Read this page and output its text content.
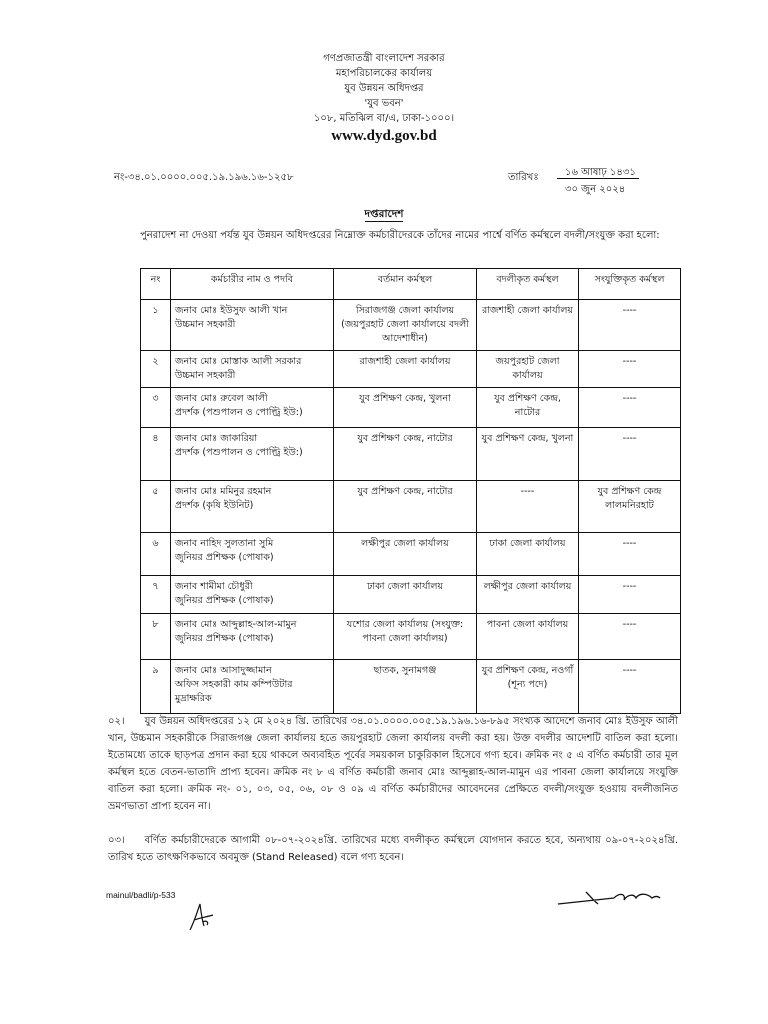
গণপ্রজাতন্ত্রী বাংলাদেশ সরকার
মহাপরিচালকের কার্যালয়
যুব উন্নয়ন অধিদপ্তর
'যুব ভবন'
১০৮, মতিঝিল বা/এ, ঢাকা-১০০০।
www.dyd.gov.bd
নং-৩৪.০১.০০০০.০০৫.১৯.১৯৬.১৬-১২৫৮	তারিখঃ	১৬ আষাঢ় ১৪৩১
৩০ জুন ২০২৪
দপ্তরাদেশ
পুনরাদেশ না দেওয়া পর্যন্ত যুব উন্নয়ন অধিদপ্তরের নিম্নোক্ত কর্মচারীদেরকে তাঁদের নামের পার্শ্বে বর্ণিত কর্মস্থলে বদলী/সংযুক্ত করা হলো:
নং	কর্মচারীর নাম ও পদবি	বর্তমান কর্মস্থল	বদলীকৃত কর্মস্থল	সংযুক্তিকৃত কর্মস্থল
১	জনাব মোঃ ইউসুফ আলী খান
উচ্চমান সহকারী	সিরাজগঞ্জ জেলা কার্যালয় (জয়পুরহাট জেলা কার্যালয়ে বদলী আদেশাধীন)	রাজশাহী জেলা কার্যালয়	----
২	জনাব মোঃ মোস্তাক আলী সরকার
উচ্চমান সহকারী	রাজশাহী জেলা কার্যালয়	জয়পুরহাট জেলা কার্যালয়	----
৩	জনাব মোঃ রুবেল আলী
প্রদর্শক (পশুপালন ও পোল্ট্রি ইউ:)	যুব প্রশিক্ষণ কেন্দ্র, খুলনা	যুব প্রশিক্ষণ কেন্দ্র, নাটোর	----
৪	জনাব মোঃ জাকারিয়া
প্রদর্শক (পশুপালন ও পোল্ট্রি ইউ:)	যুব প্রশিক্ষণ কেন্দ্র, নাটোর	যুব প্রশিক্ষণ কেন্দ্র, খুলনা	----
৫	জনাব মোঃ মমিনুর রহমান
প্রদর্শক (কৃষি ইউনিট)	যুব প্রশিক্ষণ কেন্দ্র, নাটোর	----	যুব প্রশিক্ষণ কেন্দ্র লালমনিরহাট
৬	জনাব নাহিদ সুলতানা সুমি
জুনিয়র প্রশিক্ষক (পোষাক)	লক্ষীপুর জেলা কার্যালয়	ঢাকা জেলা কার্যালয়	----
৭	জনাব শামীমা চৌধুরী
জুনিয়র প্রশিক্ষক (পোষাক)	ঢাকা জেলা কার্যালয়	লক্ষীপুর জেলা কার্যালয়	----
৮	জনাব মোঃ আব্দুল্লাহ-আল-মামুন
জুনিয়র প্রশিক্ষক (পোষাক)	যশোর জেলা কার্যালয় (সংযুক্ত: পাবনা জেলা কার্যালয়)	পাবনা জেলা কার্যালয়	----
৯	জনাব মোঃ আসাদুজ্জামান
অফিস সহকারী কাম কম্পিউটার মুদ্রাক্ষরিক	ছাতক, সুনামগঞ্জ	যুব প্রশিক্ষণ কেন্দ্র, নওগাঁ (শূন্য পদে)	----
০২। যুব উন্নয়ন অধিদপ্তরের ১২ মে ২০২৪ খ্রি. তারিখের ৩৪.০১.০০০০.০০৫.১৯.১৯৬.১৬-৮৯৫ সংখ্যক আদেশে জনাব মোঃ ইউসুফ আলী খান, উচ্চমান সহকারীকে সিরাজগঞ্জ জেলা কার্যালয় হতে জয়পুরহাট জেলা কার্যালয় বদলী করা হয়। উক্ত বদলীর আদেশটি বাতিল করা হলো। ইতোমধ্যে তাকে ছাড়পত্র প্রদান করা হয়ে থাকলে অব্যবহিত পূর্বের সময়কাল চাকুরিকাল হিসেবে গণ্য হবে। ক্রমিক নং ৫ এ বর্ণিত কর্মচারী তার মূল কর্মস্থল হতে বেতন-ভাতাদি প্রাপ্য হবেন। ক্রমিক নং ৮ এ বর্ণিত কর্মচারী জনাব মোঃ আব্দুল্লাহ-আল-মামুন এর পাবনা জেলা কার্যালয়ে সংযুক্তি বাতিল করা হলো। ক্রমিক নং- ০১, ০৩, ০৫, ০৬, ০৮ ও ০৯ এ বর্ণিত কর্মচারীদের আবেদনের প্রেক্ষিতে বদলী/সংযুক্ত হওয়ায় বদলীজনিত ভ্রমণভাতা প্রাপ্য হবেন না।
০৩। বর্ণিত কর্মচারীদেরকে আগামী ০৮-০৭-২০২৪খ্রি. তারিখের মধ্যে বদলীকৃত কর্মস্থলে যোগদান করতে হবে, অন্যথায় ০৯-০৭-২০২৪খ্রি. তারিখ হতে তাৎক্ষণিকভাবে অবমুক্ত (Stand Released) বলে গণ্য হবেন।
mainul/badli/p-533
